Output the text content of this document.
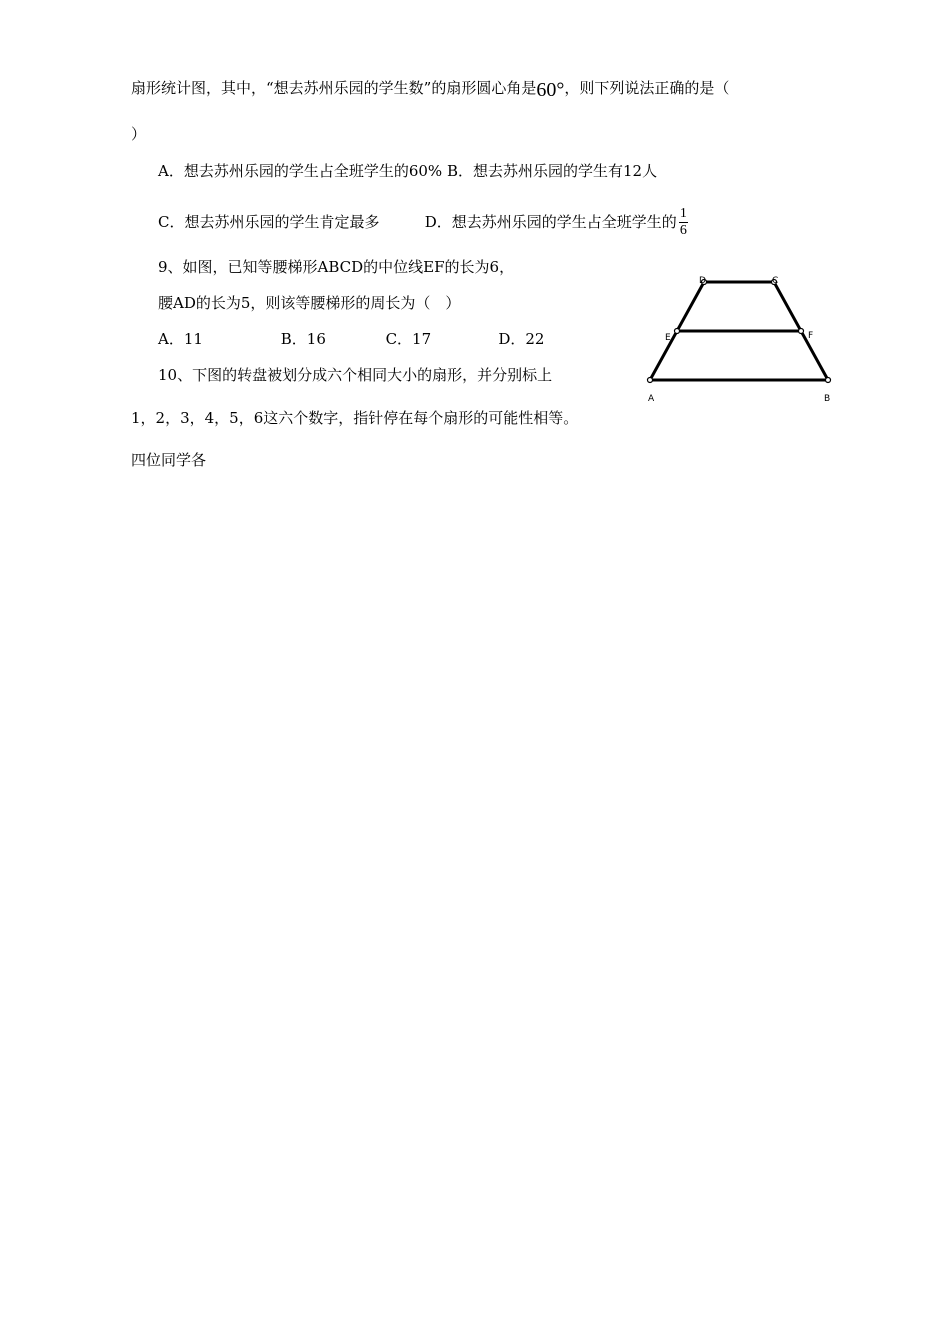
扇形统计图，其中，“想去苏州乐园的学生数”的扇形圆心角是60°，则下列说法正确的是（
）
A．想去苏州乐园的学生占全班学生的60% B．想去苏州乐园的学生有12人
C．想去苏州乐园的学生肯定最多	D．想去苏州乐园的学生占全班学生的 $\frac{1}{6}$
9、如图，已知等腰梯形ABCD的中位线EF的长为6，
腰AD的长为5，则该等腰梯形的周长为（　）
A．11	B．16	C．17	D．22
A	B
C
D
E	F
10、下图的转盘被划分成六个相同大小的扇形，并分别标上
1，2，3，4，5，6这六个数字，指针停在每个扇形的可能性相等。
四位同学各
